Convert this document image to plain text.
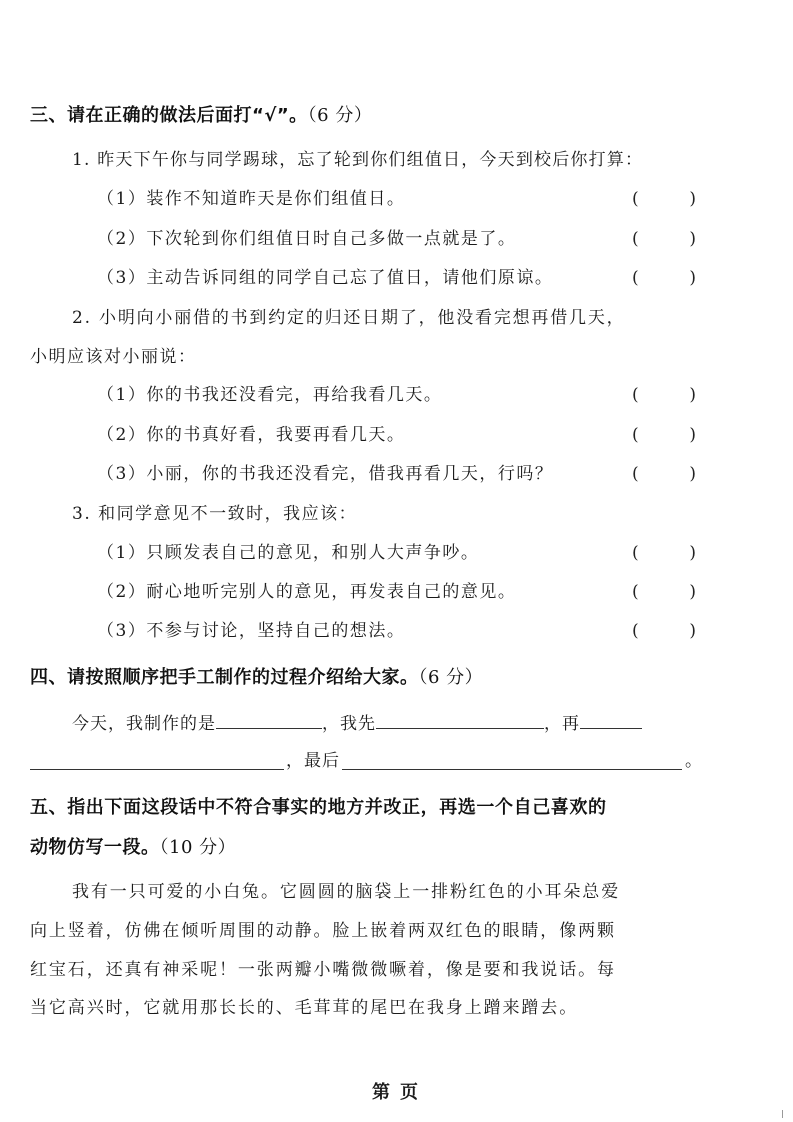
三、请在正确的做法后面打“√”。（6 分）
1. 昨天下午你与同学踢球，忘了轮到你们组值日，今天到校后你打算：
（1）装作不知道昨天是你们组值日。	(	)
（2）下次轮到你们组值日时自己多做一点就是了。	(	)
（3）主动告诉同组的同学自己忘了值日，请他们原谅。	(	)
2. 小明向小丽借的书到约定的归还日期了，他没看完想再借几天，
小明应该对小丽说：
（1）你的书我还没看完，再给我看几天。	(	)
（2）你的书真好看，我要再看几天。	(	)
（3）小丽，你的书我还没看完，借我再看几天，行吗？	(	)
3. 和同学意见不一致时，我应该：
（1）只顾发表自己的意见，和别人大声争吵。	(	)
（2）耐心地听完别人的意见，再发表自己的意见。	(	)
（3）不参与讨论，坚持自己的想法。	(	)
四、请按照顺序把手工制作的过程介绍给大家。（6 分）
今天，我制作的是	，我先	，再
，最后	。
五、指出下面这段话中不符合事实的地方并改正，再选一个自己喜欢的
动物仿写一段。（10 分）
我有一只可爱的小白兔。它圆圆的脑袋上一排粉红色的小耳朵总爱
向上竖着，仿佛在倾听周围的动静。脸上嵌着两双红色的眼睛，像两颗
红宝石，还真有神采呢！一张两瓣小嘴微微噘着，像是要和我说话。每
当它高兴时，它就用那长长的、毛茸茸的尾巴在我身上蹭来蹭去。
第页
